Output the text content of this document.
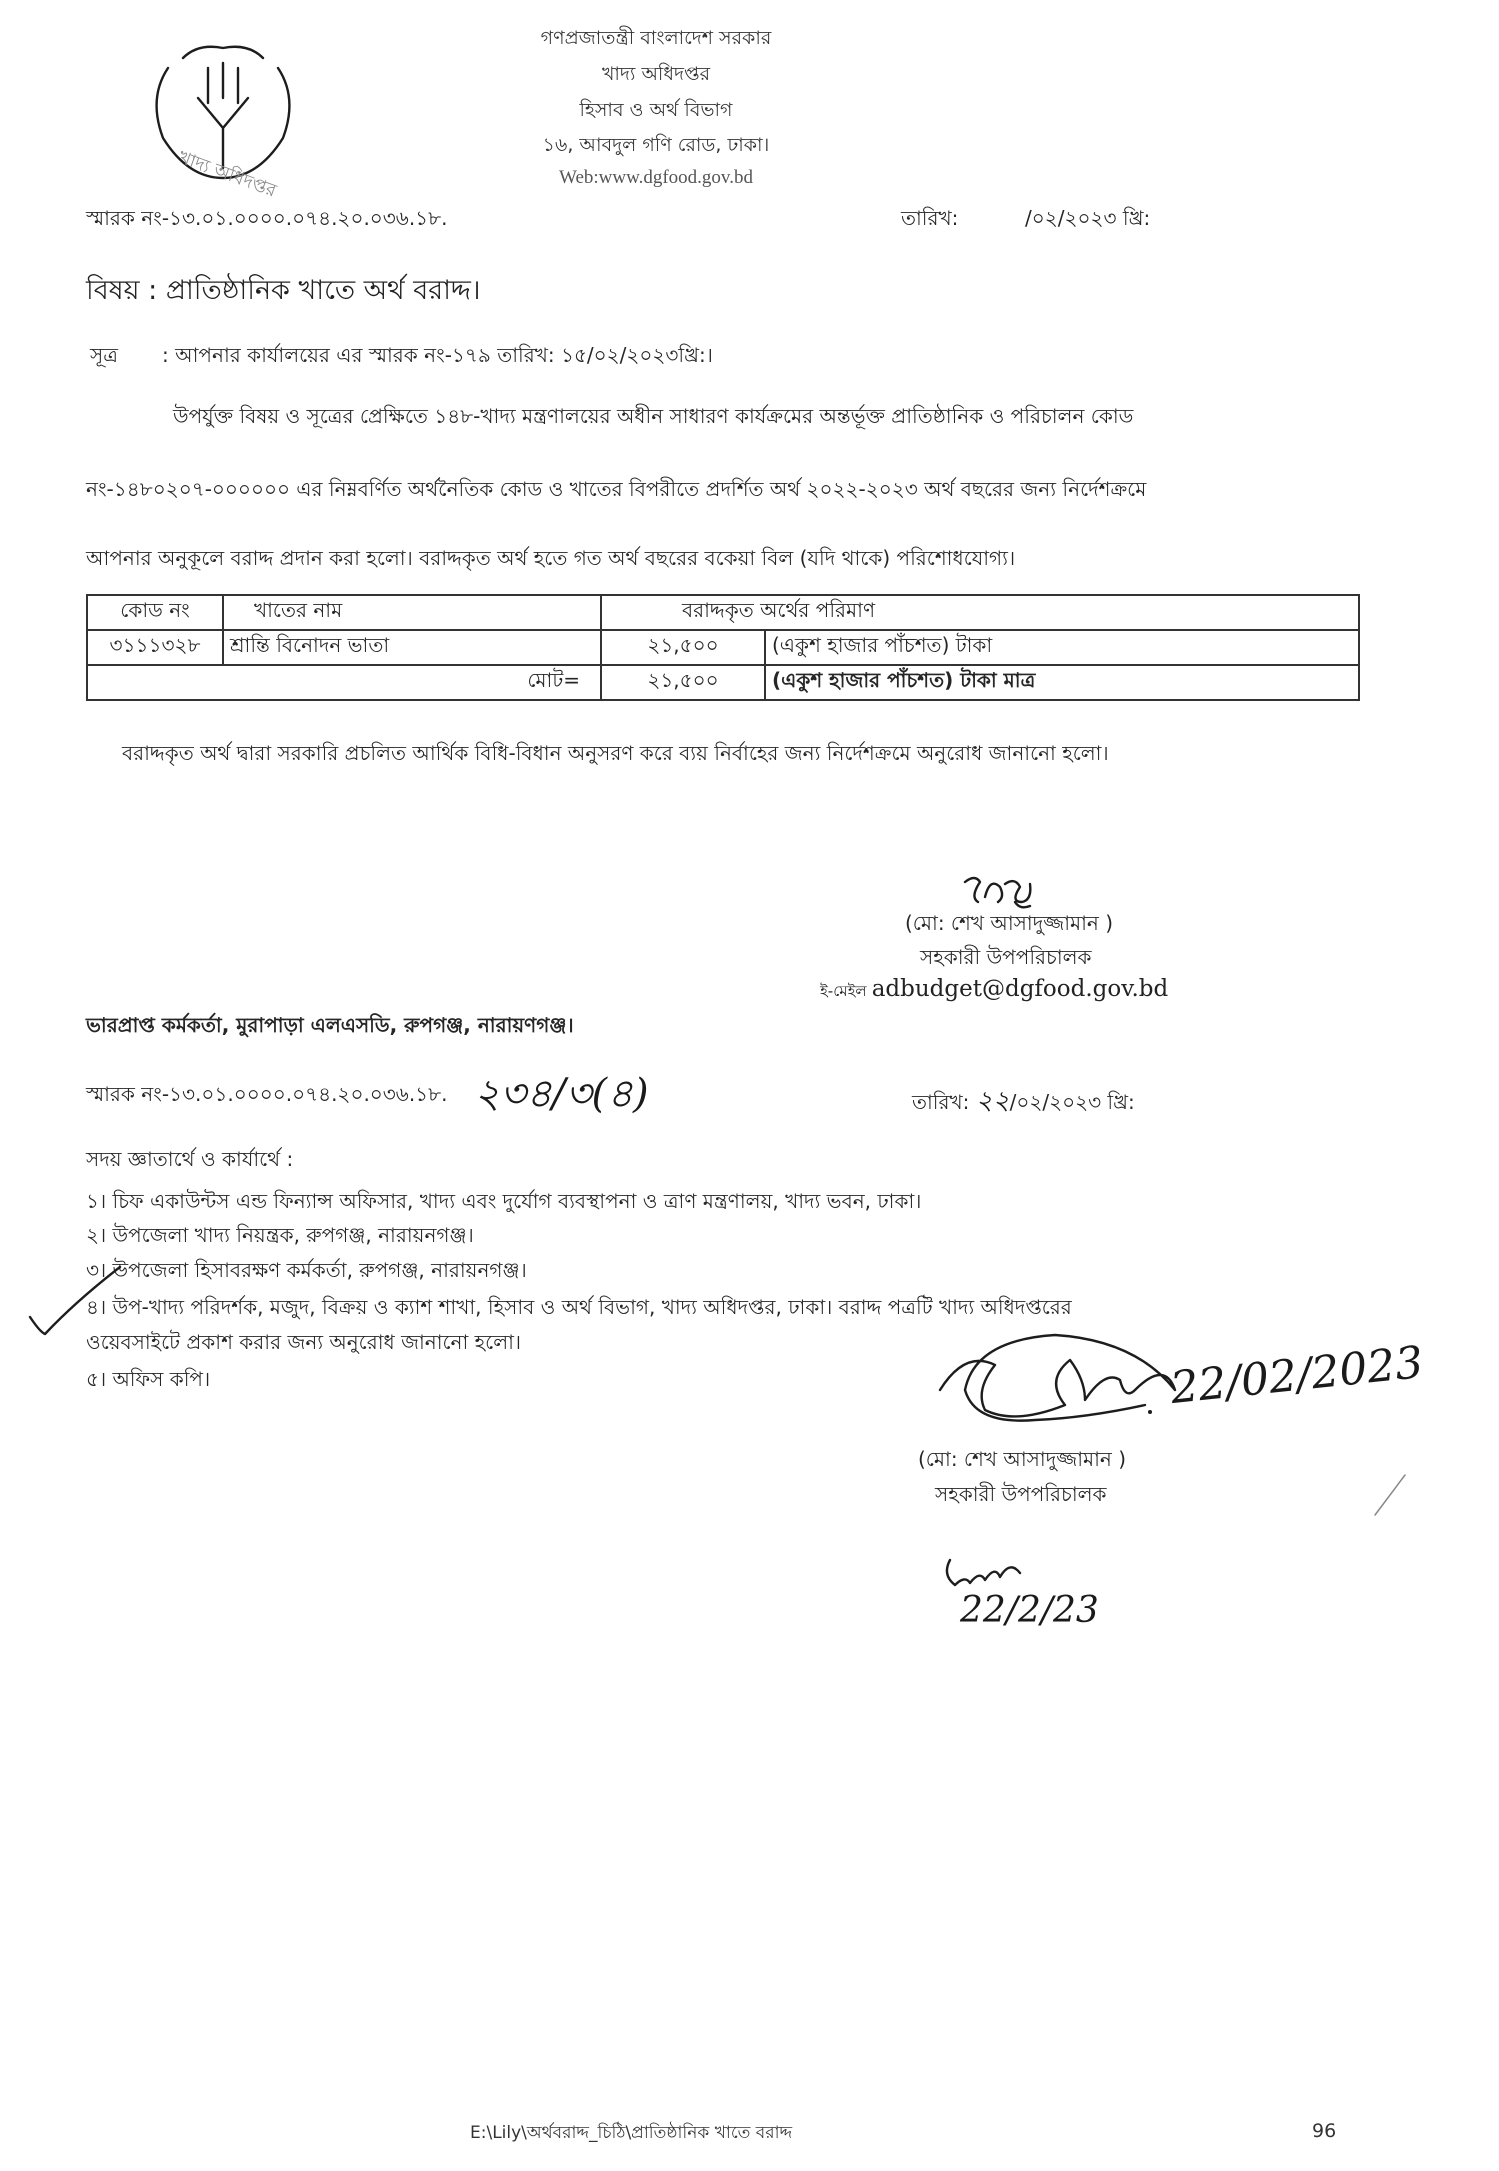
খাদ্য অধিদপ্তর
গণপ্রজাতন্ত্রী বাংলাদেশ সরকার
খাদ্য অধিদপ্তর
হিসাব ও অর্থ বিভাগ
১৬, আবদুল গণি রোড, ঢাকা।
Web:www.dgfood.gov.bd
স্মারক নং-১৩.০১.০০০০.০৭৪.২০.০৩৬.১৮.	তারিখ:	/০২/২০২৩ খ্রি:
বিষয় : প্রাতিষ্ঠানিক খাতে অর্থ বরাদ্দ।
সূত্র : আপনার কার্যালয়ের এর স্মারক নং-১৭৯ তারিখ: ১৫/০২/২০২৩খ্রি:।
উপর্যুক্ত বিষয় ও সূত্রের প্রেক্ষিতে ১৪৮-খাদ্য মন্ত্রণালয়ের অধীন সাধারণ কার্যক্রমের অন্তর্ভূক্ত প্রাতিষ্ঠানিক ও পরিচালন কোড
নং-১৪৮০২০৭-০০০০০০ এর নিম্নবর্ণিত অর্থনৈতিক কোড ও খাতের বিপরীতে প্রদর্শিত অর্থ ২০২২-২০২৩ অর্থ বছরের জন্য নির্দেশক্রমে
আপনার অনুকূলে বরাদ্দ প্রদান করা হলো। বরাদ্দকৃত অর্থ হতে গত অর্থ বছরের বকেয়া বিল (যদি থাকে) পরিশোধযোগ্য।
কোড নং	খাতের নাম	বরাদ্দকৃত অর্থের পরিমাণ	
৩১১১৩২৮	শ্রান্তি বিনোদন ভাতা	২১,৫০০	(একুশ হাজার পাঁচশত) টাকা
মোট=		২১,৫০০	(একুশ হাজার পাঁচশত) টাকা মাত্র
বরাদ্দকৃত অর্থ দ্বারা সরকারি প্রচলিত আর্থিক বিধি-বিধান অনুসরণ করে ব্যয় নির্বাহের জন্য নির্দেশক্রমে অনুরোধ জানানো হলো।
(মো: শেখ আসাদুজ্জামান )
সহকারী উপপরিচালক
ই-মেইল adbudget@dgfood.gov.bd
ভারপ্রাপ্ত কর্মকর্তা, মুরাপাড়া এলএসডি, রুপগঞ্জ, নারায়ণগঞ্জ।
স্মারক নং-১৩.০১.০০০০.০৭৪.২০.০৩৬.১৮. ২৩৪/৩(৪)	তারিখ: ২২/০২/২০২৩ খ্রি:
সদয় জ্ঞাতার্থে ও কার্যার্থে :
১। চিফ একাউন্টস এন্ড ফিন্যান্স অফিসার, খাদ্য এবং দুর্যোগ ব্যবস্থাপনা ও ত্রাণ মন্ত্রণালয়, খাদ্য ভবন, ঢাকা।
২। উপজেলা খাদ্য নিয়ন্ত্রক, রুপগঞ্জ, নারায়নগঞ্জ।
৩। উপজেলা হিসাবরক্ষণ কর্মকর্তা, রুপগঞ্জ, নারায়নগঞ্জ।
৪। উপ-খাদ্য পরিদর্শক, মজুদ, বিক্রয় ও ক্যাশ শাখা, হিসাব ও অর্থ বিভাগ, খাদ্য অধিদপ্তর, ঢাকা। বরাদ্দ পত্রটি খাদ্য অধিদপ্তরের
ওয়েবসাইটে প্রকাশ করার জন্য অনুরোধ জানানো হলো।
৫। অফিস কপি।	22/02/2023
(মো: শেখ আসাদুজ্জামান )
সহকারী উপপরিচালক
22/2/23
E:\Lily\অর্থবরাদ্দ_চিঠি\প্রাতিষ্ঠানিক খাতে বরাদ্দ	96
